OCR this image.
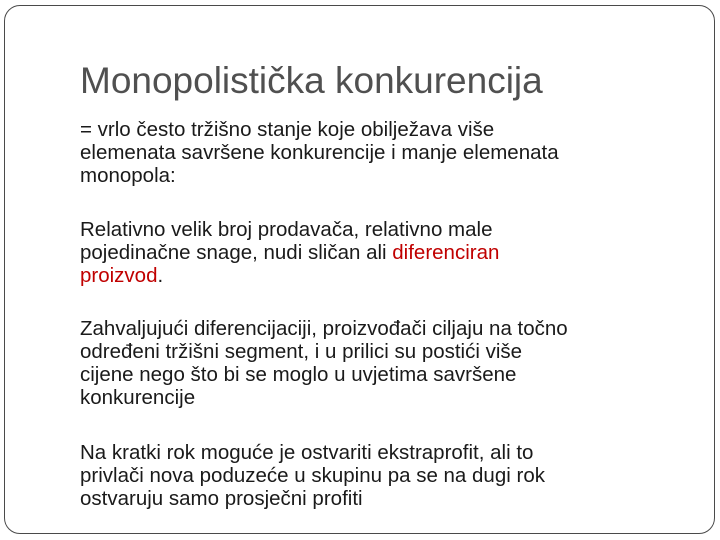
Monopolistička konkurencija

= vrlo često tržišno stanje koje obilježava više
elemenata savršene konkurencije i manje elemenata
monopola:

Relativno velik broj prodavača, relativno male
pojedinačne snage, nudi sličan ali diferenciran
proizvod.

Zahvaljujući diferencijaciji, proizvođači ciljaju na točno
određeni tržišni segment, i u prilici su postići više
cijene nego što bi se moglo u uvjetima savršene
konkurencije

Na kratki rok moguće je ostvariti ekstraprofit, ali to
privlači nova poduzeće u skupinu pa se na dugi rok
ostvaruju samo prosječni profiti
